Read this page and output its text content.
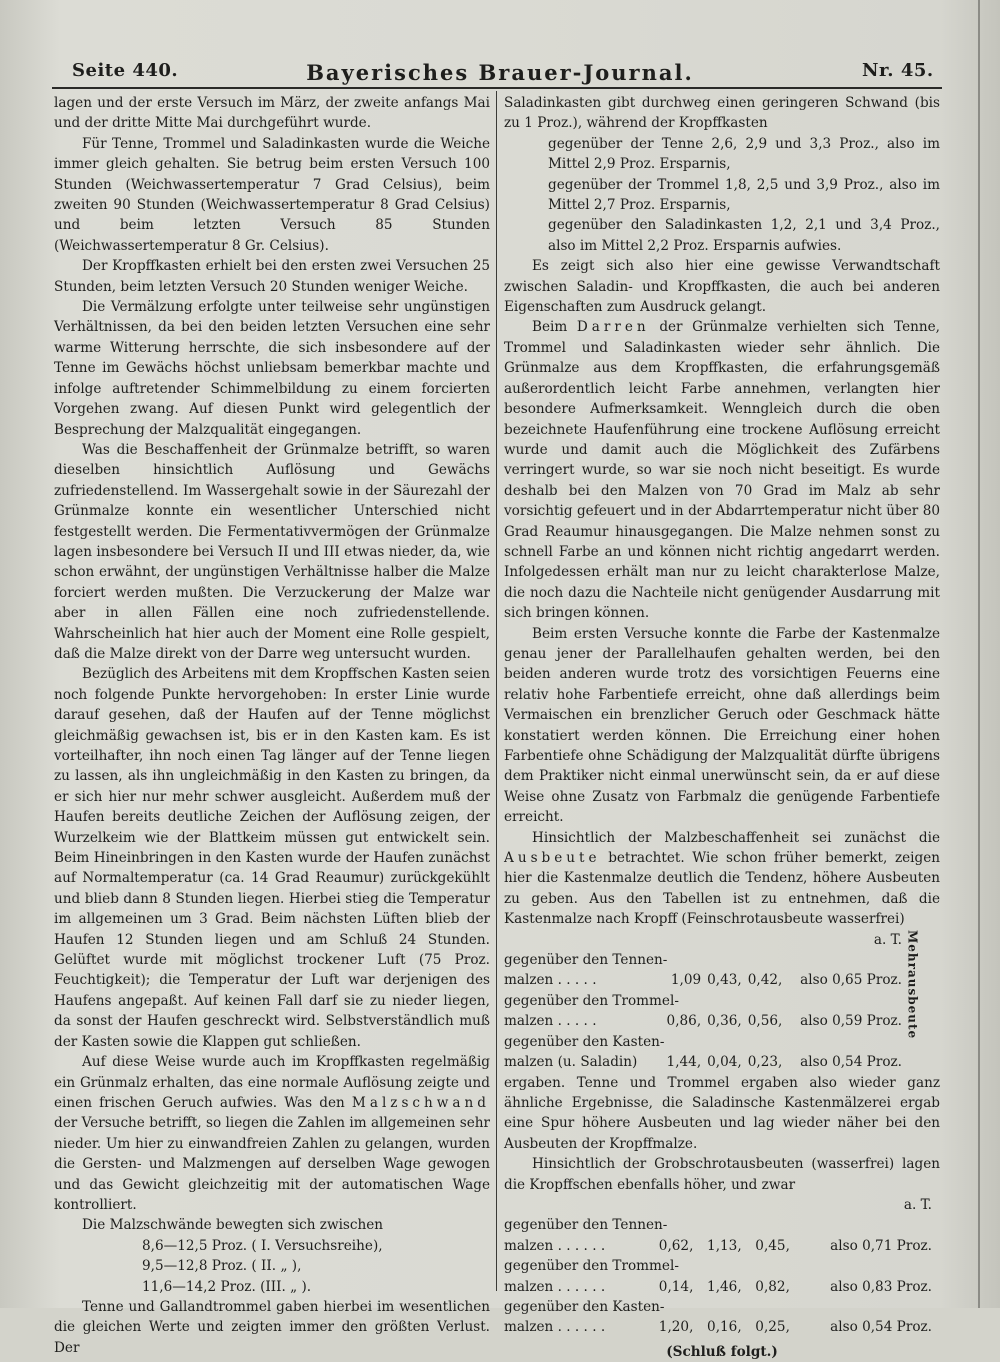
Seite 440.	Bayerisches Brauer-Journal.	Nr. 45.

lagen und der erste Versuch im März, der zweite anfangs Mai und der dritte Mitte Mai durchgeführt wurde.

Für Tenne, Trommel und Saladinkasten wurde die Weiche immer gleich gehalten. Sie betrug beim ersten Versuch 100 Stunden (Weichwassertemperatur 7 Grad Celsius), beim zweiten 90 Stunden (Weichwassertemperatur 8 Grad Celsius) und beim letzten Versuch 85 Stunden (Weichwassertemperatur 8 Gr. Celsius).

Der Kropffkasten erhielt bei den ersten zwei Versuchen 25 Stunden, beim letzten Versuch 20 Stunden weniger Weiche.

Die Vermälzung erfolgte unter teilweise sehr ungünstigen Verhältnissen, da bei den beiden letzten Versuchen eine sehr warme Witterung herrschte, die sich insbesondere auf der Tenne im Gewächs höchst unliebsam bemerkbar machte und infolge auftretender Schimmelbildung zu einem forcierten Vorgehen zwang. Auf diesen Punkt wird gelegentlich der Besprechung der Malzqualität eingegangen.

Was die Beschaffenheit der Grünmalze betrifft, so waren dieselben hinsichtlich Auflösung und Gewächs zufriedenstellend. Im Wassergehalt sowie in der Säurezahl der Grünmalze konnte ein wesentlicher Unterschied nicht festgestellt werden. Die Fermentativvermögen der Grünmalze lagen insbesondere bei Versuch II und III etwas nieder, da, wie schon erwähnt, der ungünstigen Verhältnisse halber die Malze forciert werden mußten. Die Verzuckerung der Malze war aber in allen Fällen eine noch zufriedenstellende. Wahrscheinlich hat hier auch der Moment eine Rolle gespielt, daß die Malze direkt von der Darre weg untersucht wurden.

Bezüglich des Arbeitens mit dem Kropffschen Kasten seien noch folgende Punkte hervorgehoben: In erster Linie wurde darauf gesehen, daß der Haufen auf der Tenne möglichst gleichmäßig gewachsen ist, bis er in den Kasten kam. Es ist vorteilhafter, ihn noch einen Tag länger auf der Tenne liegen zu lassen, als ihn ungleichmäßig in den Kasten zu bringen, da er sich hier nur mehr schwer ausgleicht. Außerdem muß der Haufen bereits deutliche Zeichen der Auflösung zeigen, der Wurzelkeim wie der Blattkeim müssen gut entwickelt sein. Beim Hineinbringen in den Kasten wurde der Haufen zunächst auf Normaltemperatur (ca. 14 Grad Reaumur) zurückgekühlt und blieb dann 8 Stunden liegen. Hierbei stieg die Temperatur im allgemeinen um 3 Grad. Beim nächsten Lüften blieb der Haufen 12 Stunden liegen und am Schluß 24 Stunden. Gelüftet wurde mit möglichst trockener Luft (75 Proz. Feuchtigkeit); die Temperatur der Luft war derjenigen des Haufens angepaßt. Auf keinen Fall darf sie zu nieder liegen, da sonst der Haufen geschreckt wird. Selbstverständlich muß der Kasten sowie die Klappen gut schließen.

Auf diese Weise wurde auch im Kropffkasten regelmäßig ein Grünmalz erhalten, das eine normale Auflösung zeigte und einen frischen Geruch aufwies. Was den Malzschwand der Versuche betrifft, so liegen die Zahlen im allgemeinen sehr nieder. Um hier zu einwandfreien Zahlen zu gelangen, wurden die Gersten- und Malzmengen auf derselben Wage gewogen und das Gewicht gleichzeitig mit der automatischen Wage kontrolliert.

Die Malzschwände bewegten sich zwischen

8,6—12,5 Proz. ( I. Versuchsreihe),
9,5—12,8 Proz. ( II. „ ),
11,6—14,2 Proz. (III. „ ).

Tenne und Gallandtrommel gaben hierbei im wesentlichen die gleichen Werte und zeigten immer den größten Verlust. Der

Saladinkasten gibt durchweg einen geringeren Schwand (bis zu 1 Proz.), während der Kropffkasten

gegenüber der Tenne 2,6, 2,9 und 3,3 Proz., also im Mittel 2,9 Proz. Ersparnis,

gegenüber der Trommel 1,8, 2,5 und 3,9 Proz., also im Mittel 2,7 Proz. Ersparnis,

gegenüber den Saladinkasten 1,2, 2,1 und 3,4 Proz., also im Mittel 2,2 Proz. Ersparnis aufwies.

Es zeigt sich also hier eine gewisse Verwandtschaft zwischen Saladin- und Kropffkasten, die auch bei anderen Eigenschaften zum Ausdruck gelangt.

Beim Darren der Grünmalze verhielten sich Tenne, Trommel und Saladinkasten wieder sehr ähnlich. Die Grünmalze aus dem Kropffkasten, die erfahrungsgemäß außerordentlich leicht Farbe annehmen, verlangten hier besondere Aufmerksamkeit. Wenngleich durch die oben bezeichnete Haufenführung eine trockene Auflösung erreicht wurde und damit auch die Möglichkeit des Zufärbens verringert wurde, so war sie noch nicht beseitigt. Es wurde deshalb bei den Malzen von 70 Grad im Malz ab sehr vorsichtig gefeuert und in der Abdarrtemperatur nicht über 80 Grad Reaumur hinausgegangen. Die Malze nehmen sonst zu schnell Farbe an und können nicht richtig angedarrt werden. Infolgedessen erhält man nur zu leicht charakterlose Malze, die noch dazu die Nachteile nicht genügender Ausdarrung mit sich bringen können.

Beim ersten Versuche konnte die Farbe der Kastenmalze genau jener der Parallelhaufen gehalten werden, bei den beiden anderen wurde trotz des vorsichtigen Feuerns eine relativ hohe Farbentiefe erreicht, ohne daß allerdings beim Vermaischen ein brenzlicher Geruch oder Geschmack hätte konstatiert werden können. Die Erreichung einer hohen Farbentiefe ohne Schädigung der Malzqualität dürfte übrigens dem Praktiker nicht einmal unerwünscht sein, da er auf diese Weise ohne Zusatz von Farbmalz die genügende Farbentiefe erreicht.

Hinsichtlich der Malzbeschaffenheit sei zunächst die Ausbeute betrachtet. Wie schon früher bemerkt, zeigen hier die Kastenmalze deutlich die Tendenz, höhere Ausbeuten zu geben. Aus den Tabellen ist zu entnehmen, daß die Kastenmalze nach Kropff (Feinschrotausbeute wasserfrei)

				a. T.	Mehrausbeute

gegenüber den Tennen-					
malzen . . . . .	1,09	0,43,	0,42,	also 0,65 Proz.	
gegenüber den Trommel-					
malzen . . . . .	0,86,	0,36,	0,56,	also 0,59 Proz.	
gegenüber den Kasten-					
malzen (u. Saladin)	1,44,	0,04,	0,23,	also 0,54 Proz.	

ergaben. Tenne und Trommel ergaben also wieder ganz ähnliche Ergebnisse, die Saladinsche Kastenmälzerei ergab eine Spur höhere Ausbeuten und lag wieder näher bei den Ausbeuten der Kropffmalze.

Hinsichtlich der Grobschrotausbeuten (wasserfrei) lagen die Kropffschen ebenfalls höher, und zwar

				a. T.
gegenüber den Tennen-				
malzen . . . . . .	0,62,	1,13,	0,45,	also 0,71 Proz.
gegenüber den Trommel-				
malzen . . . . . .	0,14,	1,46,	0,82,	also 0,83 Proz.
gegenüber den Kasten-				
malzen . . . . . .	1,20,	0,16,	0,25,	also 0,54 Proz.
(Schluß folgt.)
